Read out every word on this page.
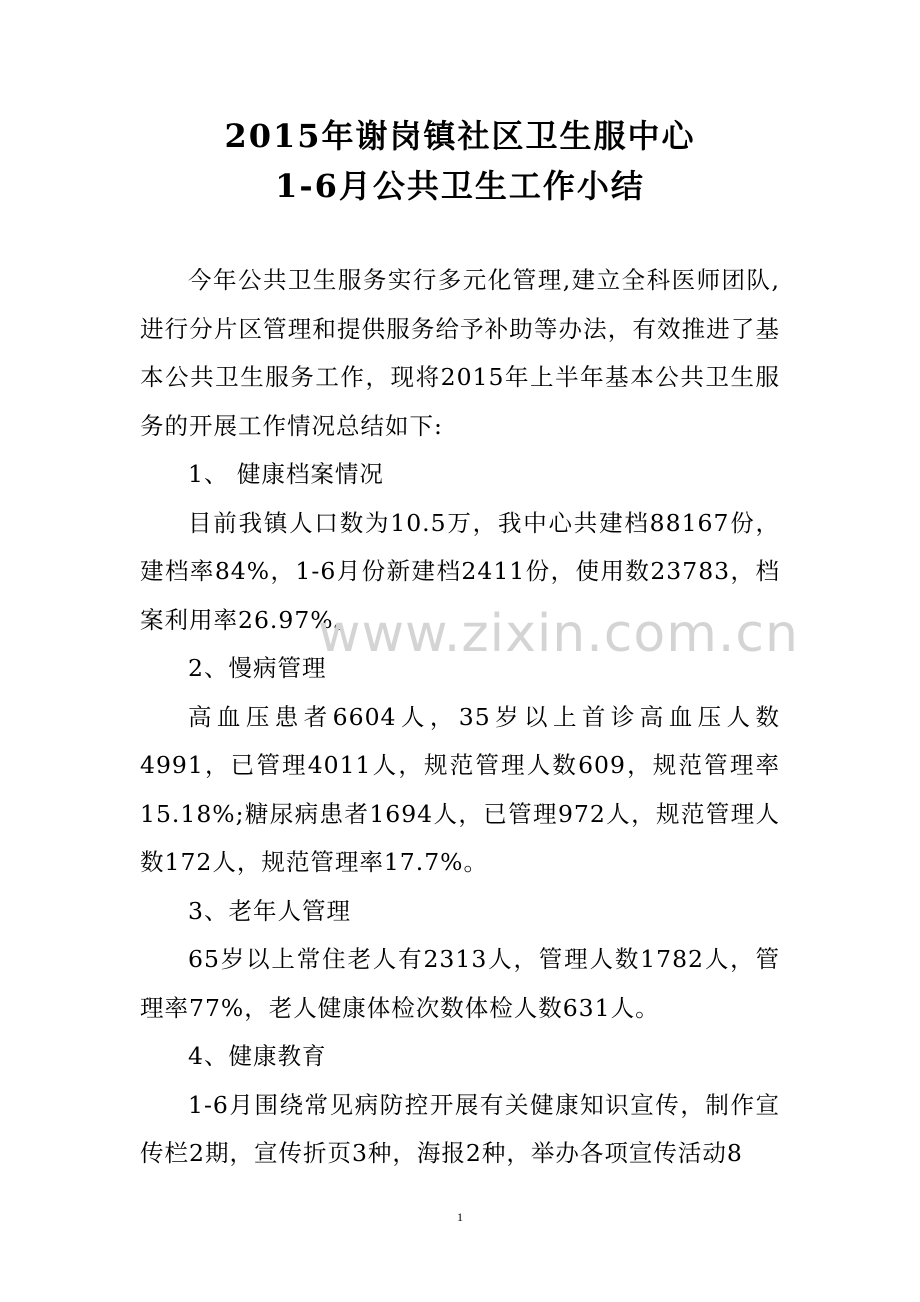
2015年谢岗镇社区卫生服中心
1-6月公共卫生工作小结

今年公共卫生服务实行多元化管理,建立全科医师团队,进行分片区管理和提供服务给予补助等办法，有效推进了基本公共卫生服务工作，现将2015年上半年基本公共卫生服务的开展工作情况总结如下:

1、 健康档案情况

目前我镇人口数为10.5万，我中心共建档88167份，建档率84%，1-6月份新建档2411份，使用数23783，档案利用率26.97%。

2、慢病管理

高血压患者6604人，35岁以上首诊高血压人数4991，已管理4011人，规范管理人数609，规范管理率15.18%;糖尿病患者1694人，已管理972人，规范管理人数172人，规范管理率17.7%。

3、老年人管理

65岁以上常住老人有2313人，管理人数1782人，管理率77%，老人健康体检次数体检人数631人。

4、健康教育

1-6月围绕常见病防控开展有关健康知识宣传，制作宣传栏2期，宣传折页3种，海报2种，举办各项宣传活动8

www.zixin.com.cn
1
